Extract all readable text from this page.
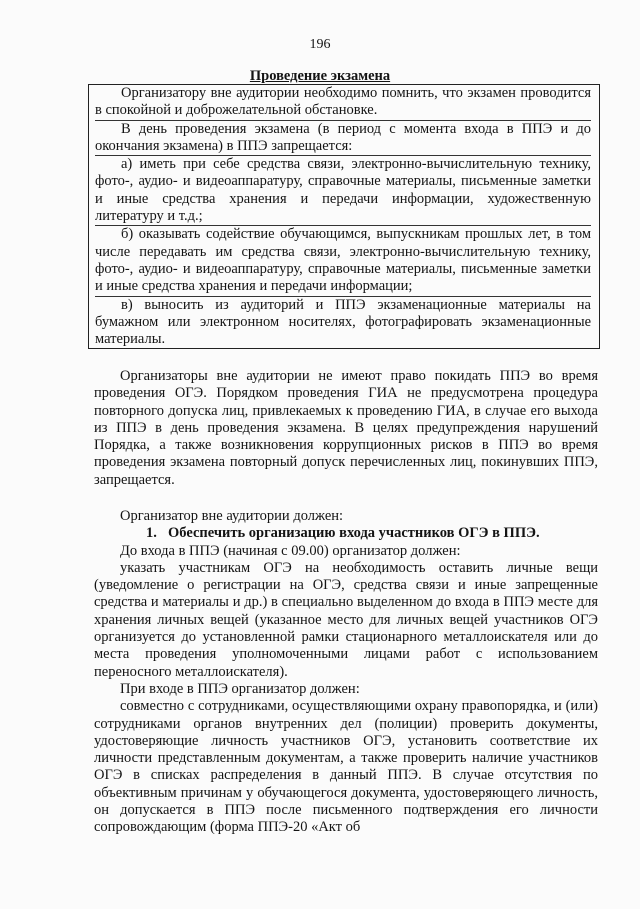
196
Проведение экзамена

Организатору вне аудитории необходимо помнить, что экзамен проводится в спокойной и доброжелательной обстановке.

В день проведения экзамена (в период с момента входа в ППЭ и до окончания экзамена) в ППЭ запрещается:

а) иметь при себе средства связи, электронно-вычислительную технику, фото-, аудио- и видеоаппаратуру, справочные материалы, письменные заметки и иные средства хранения и передачи информации, художественную литературу и т.д.;

б) оказывать содействие обучающимся, выпускникам прошлых лет, в том числе передавать им средства связи, электронно-вычислительную технику, фото-, аудио- и видеоаппаратуру, справочные материалы, письменные заметки и иные средства хранения и передачи информации;

в) выносить из аудиторий и ППЭ экзаменационные материалы на бумажном или электронном носителях, фотографировать экзаменационные материалы.

Организаторы вне аудитории не имеют право покидать ППЭ во время проведения ОГЭ. Порядком проведения ГИА не предусмотрена процедура повторного допуска лиц, привлекаемых к проведению ГИА, в случае его выхода из ППЭ в день проведения экзамена. В целях предупреждения нарушений Порядка, а также возникновения коррупционных рисков в ППЭ во время проведения экзамена повторный допуск перечисленных лиц, покинувших ППЭ, запрещается.

Организатор вне аудитории должен:

1. Обеспечить организацию входа участников ОГЭ в ППЭ.

До входа в ППЭ (начиная с 09.00) организатор должен:

указать участникам ОГЭ на необходимость оставить личные вещи (уведомление о регистрации на ОГЭ, средства связи и иные запрещенные средства и материалы и др.) в специально выделенном до входа в ППЭ месте для хранения личных вещей (указанное место для личных вещей участников ОГЭ организуется до установленной рамки стационарного металлоискателя или до места проведения уполномоченными лицами работ с использованием переносного металлоискателя).

При входе в ППЭ организатор должен:

совместно с сотрудниками, осуществляющими охрану правопорядка, и (или) сотрудниками органов внутренних дел (полиции) проверить документы, удостоверяющие личность участников ОГЭ, установить соответствие их личности представленным документам, а также проверить наличие участников ОГЭ в списках распределения в данный ППЭ. В случае отсутствия по объективным причинам у обучающегося документа, удостоверяющего личность, он допускается в ППЭ после письменного подтверждения его личности сопровождающим (форма ППЭ-20 «Акт об
